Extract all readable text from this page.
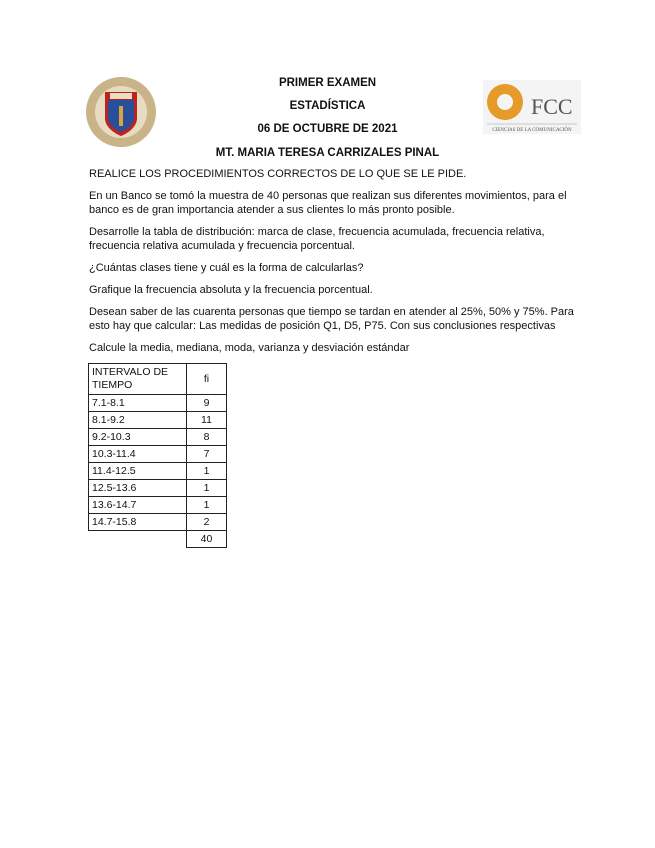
FCC
CIENCIAS DE LA COMUNICACIÓN
PRIMER EXAMEN
ESTADÍSTICA
06 DE OCTUBRE DE 2021
MT. MARIA TERESA CARRIZALES PINAL

REALICE LOS PROCEDIMIENTOS CORRECTOS DE LO QUE SE LE PIDE.

En un Banco se tomó la muestra de 40 personas que realizan sus diferentes movimientos, para el banco es de gran importancia atender a sus clientes lo más pronto posible.

Desarrolle la tabla de distribución: marca de clase, frecuencia acumulada, frecuencia relativa, frecuencia relativa acumulada y frecuencia porcentual.

¿Cuántas clases tiene y cuál es la forma de calcularlas?

Grafique la frecuencia absoluta y la frecuencia porcentual.

Desean saber de las cuarenta personas que tiempo se tardan en atender al 25%, 50% y 75%. Para esto hay que calcular: Las medidas de posición Q1, D5, P75. Con sus conclusiones respectivas

Calcule la media, mediana, moda, varianza y desviación estándar

INTERVALO DE TIEMPO	fi
7.1-8.1	9
8.1-9.2	11
9.2-10.3	8
10.3-11.4	7
11.4-12.5	1
12.5-13.6	1
13.6-14.7	1
14.7-15.8	2
	40
